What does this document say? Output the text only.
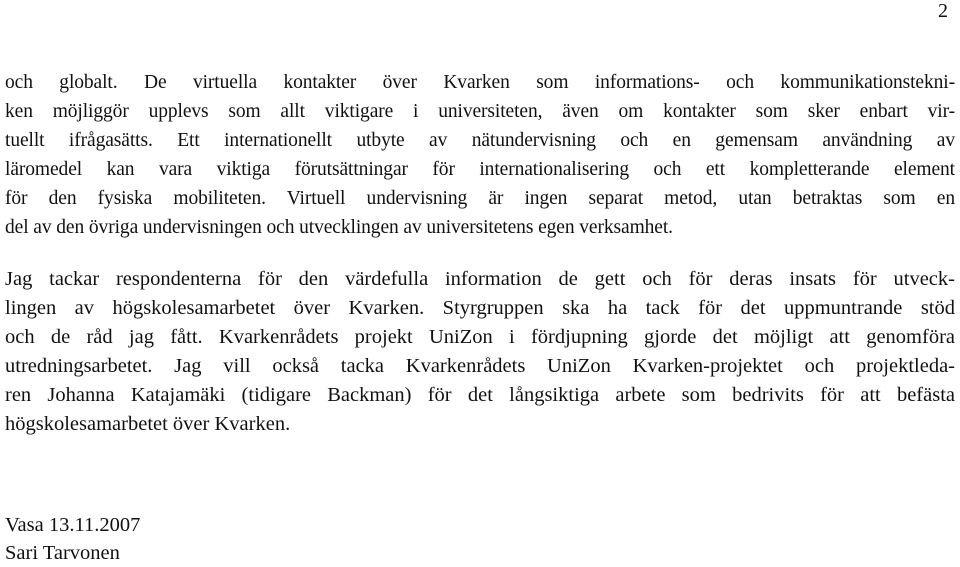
2
och globalt. De virtuella kontakter över Kvarken som informations- och kommunikationstekni-
ken möjliggör upplevs som allt viktigare i universiteten, även om kontakter som sker enbart vir-
tuellt ifrågasätts. Ett internationellt utbyte av nätundervisning och en gemensam användning av
läromedel kan vara viktiga förutsättningar för internationalisering och ett kompletterande element
för den fysiska mobiliteten. Virtuell undervisning är ingen separat metod, utan betraktas som en
del av den övriga undervisningen och utvecklingen av universitetens egen verksamhet.
Jag tackar respondenterna för den värdefulla information de gett och för deras insats för utveck-
lingen av högskolesamarbetet över Kvarken. Styrgruppen ska ha tack för det uppmuntrande stöd
och de råd jag fått. Kvarkenrådets projekt UniZon i fördjupning gjorde det möjligt att genomföra
utredningsarbetet. Jag vill också tacka Kvarkenrådets UniZon Kvarken-projektet och projektleda-
ren Johanna Katajamäki (tidigare Backman) för det långsiktiga arbete som bedrivits för att befästa
högskolesamarbetet över Kvarken.
Vasa 13.11.2007
Sari Tarvonen
